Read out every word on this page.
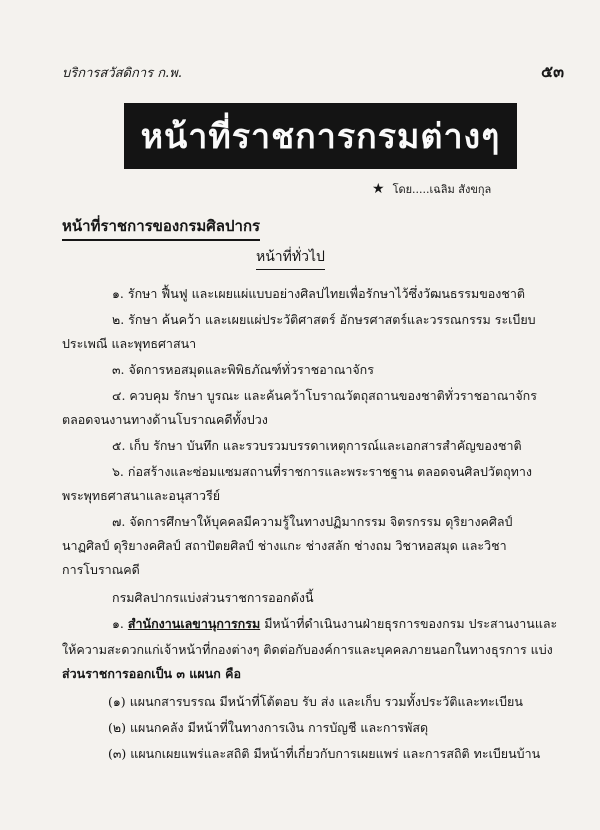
บริการสวัสดิการ ก.พ.	๕๓
หน้าที่ราชการกรมต่างๆ
★ โดย.....เฉลิม สังขกุล
หน้าที่ราชการของกรมศิลปากร
หน้าที่ทั่วไป
๑. รักษา ฟื้นฟู และเผยแผ่แบบอย่างศิลปไทยเพื่อรักษาไว้ซึ่งวัฒนธรรมของชาติ
๒. รักษา ค้นคว้า และเผยแผ่ประวัติศาสตร์ อักษรศาสตร์และวรรณกรรม ระเบียบ
ประเพณี และพุทธศาสนา
๓. จัดการหอสมุดและพิพิธภัณฑ์ทั่วราชอาณาจักร
๔. ควบคุม รักษา บูรณะ และค้นคว้าโบราณวัตถุสถานของชาติทั่วราชอาณาจักร
ตลอดจนงานทางด้านโบราณคดีทั้งปวง
๕. เก็บ รักษา บันทึก และรวบรวมบรรดาเหตุการณ์และเอกสารสำคัญของชาติ
๖. ก่อสร้างและซ่อมแซมสถานที่ราชการและพระราชฐาน ตลอดจนศิลปวัตถุทาง
พระพุทธศาสนาและอนุสาวรีย์
๗. จัดการศึกษาให้บุคคลมีความรู้ในทางปฏิมากรรม จิตรกรรม ดุริยางคศิลป์
นาฏศิลป์ ดุริยางคศิลป์ สถาปัตยศิลป์ ช่างแกะ ช่างสลัก ช่างถม วิชาหอสมุด และวิชา
การโบราณคดี
กรมศิลปากรแบ่งส่วนราชการออกดังนี้
๑. สำนักงานเลขานุการกรม มีหน้าที่ดำเนินงานฝ่ายธุรการของกรม ประสานงานและ
ให้ความสะดวกแก่เจ้าหน้าที่กองต่างๆ ติดต่อกับองค์การและบุคคลภายนอกในทางธุรการ แบ่ง
ส่วนราชการออกเป็น ๓ แผนก คือ
(๑) แผนกสารบรรณ มีหน้าที่โต้ตอบ รับ ส่ง และเก็บ รวมทั้งประวัติและทะเบียน
(๒) แผนกคลัง มีหน้าที่ในทางการเงิน การบัญชี และการพัสดุ
(๓) แผนกเผยแพร่และสถิติ มีหน้าที่เกี่ยวกับการเผยแพร่ และการสถิติ ทะเบียนบ้าน
